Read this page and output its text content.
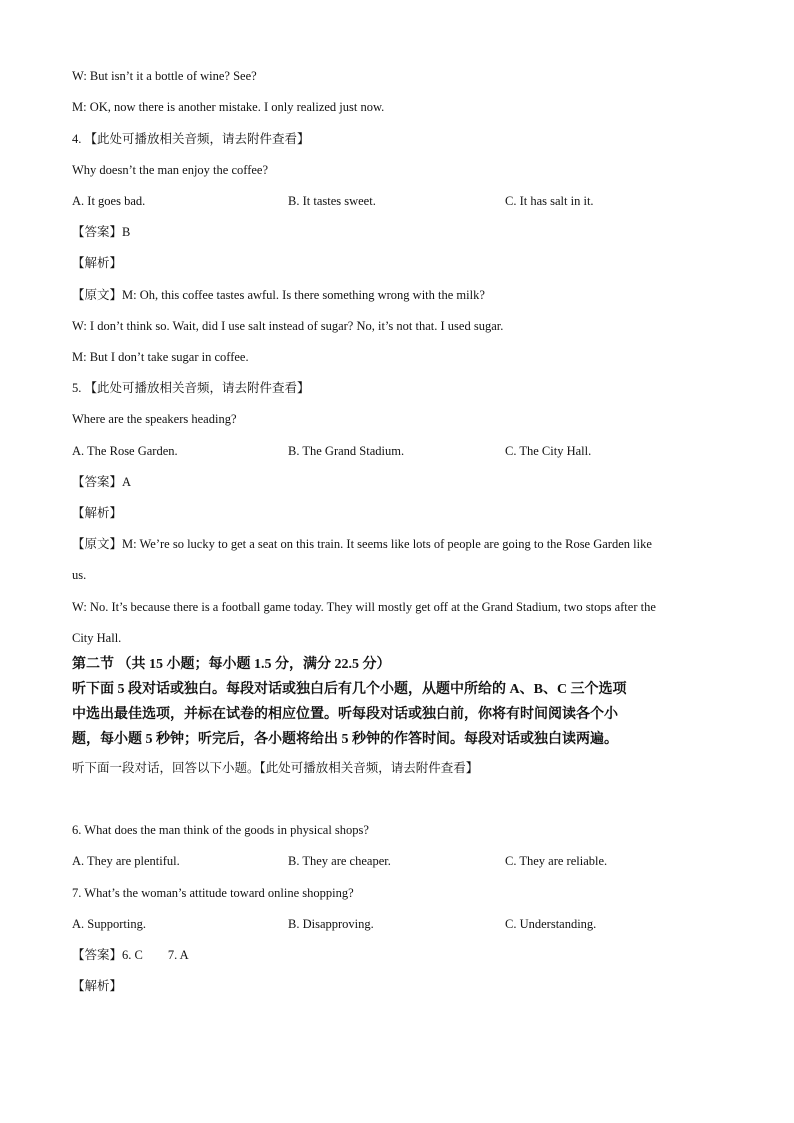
W: But isn’t it a bottle of wine? See?
M: OK, now there is another mistake. I only realized just now.
4. 【此处可播放相关音频，请去附件查看】
Why doesn’t the man enjoy the coffee?
A. It goes bad.	B. It tastes sweet.	C. It has salt in it.
【答案】B
【解析】
【原文】M: Oh, this coffee tastes awful. Is there something wrong with the milk?
W: I don’t think so. Wait, did I use salt instead of sugar? No, it’s not that. I used sugar.
M: But I don’t take sugar in coffee.
5. 【此处可播放相关音频，请去附件查看】
Where are the speakers heading?
A. The Rose Garden.	B. The Grand Stadium.	C. The City Hall.
【答案】A
【解析】
【原文】M: We’re so lucky to get a seat on this train. It seems like lots of people are going to the Rose Garden like
us.
W: No. It’s because there is a football game today. They will mostly get off at the Grand Stadium, two stops after the
City Hall.
第二节 （共 15 小题；每小题 1.5 分，满分 22.5 分）
听下面 5 段对话或独白。每段对话或独白后有几个小题，从题中所给的 A、B、C 三个选项
中选出最佳选项，并标在试卷的相应位置。听每段对话或独白前，你将有时间阅读各个小
题，每小题 5 秒钟；听完后，各小题将给出 5 秒钟的作答时间。每段对话或独白读两遍。
听下面一段对话，回答以下小题。【此处可播放相关音频，请去附件查看】
6. What does the man think of the goods in physical shops?
A. They are plentiful.	B. They are cheaper.	C. They are reliable.
7. What’s the woman’s attitude toward online shopping?
A. Supporting.	B. Disapproving.	C. Understanding.
【答案】6. C　　7. A
【解析】
